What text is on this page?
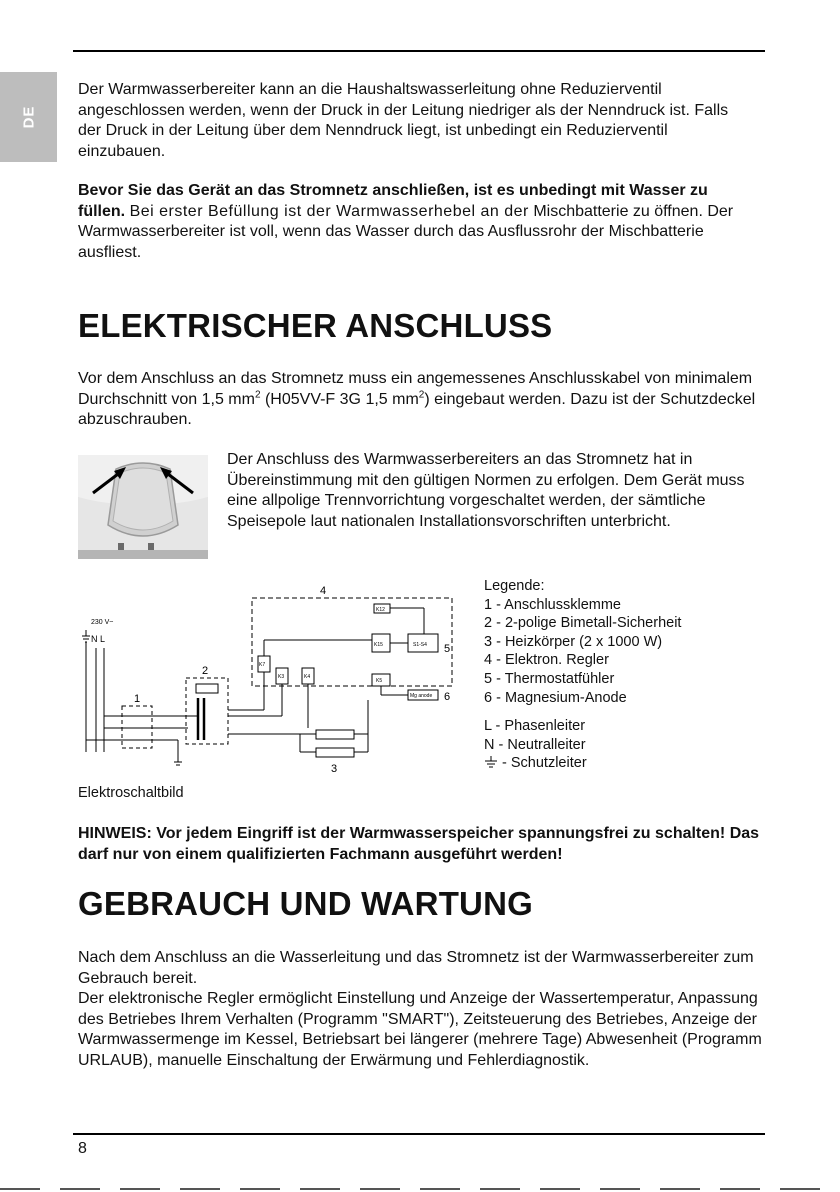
DE

Der Warmwasserbereiter kann an die Haushaltswasserleitung ohne Reduzierventil angeschlossen werden, wenn der Druck in der Leitung niedriger als der Nenndruck ist. Falls der Druck in der Leitung über dem Nenndruck liegt, ist unbedingt ein Reduzierventil einzubauen.

Bevor Sie das Gerät an das Stromnetz anschließen, ist es unbedingt mit Wasser zu füllen. Bei erster Befüllung ist der Warmwasserhebel an der Mischbatterie zu öffnen. Der Warmwasserbereiter ist voll, wenn das Wasser durch das Ausflussrohr der Mischbatterie ausfliest.

ELEKTRISCHER ANSCHLUSS

Vor dem Anschluss an das Stromnetz muss ein angemessenes Anschlusskabel von minimalem Durchschnitt von 1,5 $mm^2$ (H05VV-F 3G 1,5 $mm^2$) eingebaut werden. Dazu ist der Schutzdeckel abzuschrauben.

Der Anschluss des Warmwasserbereiters an das Stromnetz hat in Übereinstimmung mit den gültigen Normen zu erfolgen. Dem Gerät muss eine allpolige Trennvorrichtung vorgeschaltet werden, der sämtliche Speisepole laut nationalen Installationsvorschriften unterbricht.

230 V~
N L
4
2
1
5
6
3
K12
K15	S1-S4
K7
K3	K4
K5
Mg anode
Legende:
1 - Anschlussklemme
2 - 2-polige Bimetall-Sicherheit
3 - Heizkörper (2 x 1000 W)
4 - Elektron. Regler
5 - Thermostatfühler
6 - Magnesium-Anode
L - Phasenleiter
N - Neutralleiter
- Schutzleiter
Elektroschaltbild

HINWEIS: Vor jedem Eingriff ist der Warmwasserspeicher spannungsfrei zu schalten! Das darf nur von einem qualifizierten Fachmann ausgeführt werden!

GEBRAUCH UND WARTUNG

Nach dem Anschluss an die Wasserleitung und das Stromnetz ist der Warmwasserbereiter zum Gebrauch bereit.
Der elektronische Regler ermöglicht Einstellung und Anzeige der Wassertemperatur, Anpassung des Betriebes Ihrem Verhalten (Programm "SMART"), Zeitsteuerung des Betriebes, Anzeige der Warmwassermenge im Kessel, Betriebsart bei längerer (mehrere Tage) Abwesenheit (Programm URLAUB), manuelle Einschaltung der Erwärmung und Fehlerdiagnostik.

8
